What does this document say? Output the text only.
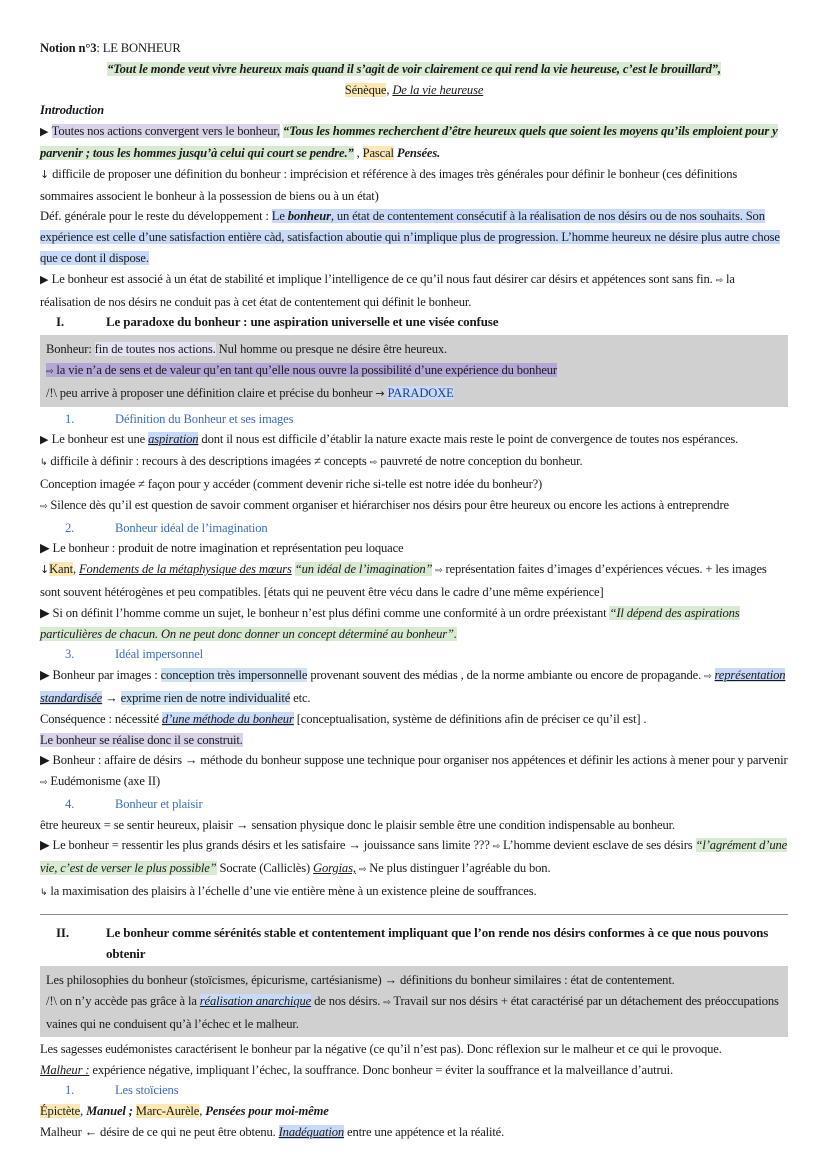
Notion n°3: LE BONHEUR
“Tout le monde veut vivre heureux mais quand il s’agit de voir clairement ce qui rend la vie heureuse, c’est le brouillard”,
Sénèque, De la vie heureuse
Introduction
▶ Toutes nos actions convergent vers le bonheur, “Tous les hommes recherchent d’être heureux quels que soient les moyens qu’ils emploient pour y parvenir ; tous les hommes jusqu’à celui qui court se pendre.” , Pascal Pensées.
↓ difficile de proposer une définition du bonheur : imprécision et référence à des images très générales pour définir le bonheur (ces définitions sommaires associent le bonheur à la possession de biens ou à un état)
Déf. générale pour le reste du développement : Le bonheur, un état de contentement consécutif à la réalisation de nos désirs ou de nos souhaits. Son expérience est celle d’une satisfaction entière càd, satisfaction aboutie qui n’implique plus de progression. L’homme heureux ne désire plus autre chose que ce dont il dispose.
▶ Le bonheur est associé à un état de stabilité et implique l’intelligence de ce qu’il nous faut désirer car désirs et appétences sont sans fin. ⇨ la réalisation de nos désirs ne conduit pas à cet état de contentement qui définit le bonheur.
I.	Le paradoxe du bonheur : une aspiration universelle et une visée confuse
Bonheur: fin de toutes nos actions. Nul homme ou presque ne désire être heureux.
⇨ la vie n’a de sens et de valeur qu’en tant qu’elle nous ouvre la possibilité d’une expérience du bonheur
/!\ peu arrive à proposer une définition claire et précise du bonheur → PARADOXE
1.	Définition du Bonheur et ses images
▶ Le bonheur est une aspiration dont il nous est difficile d’établir la nature exacte mais reste le point de convergence de toutes nos espérances.
↳ difficile à définir : recours à des descriptions imagées ≠ concepts ⇨ pauvreté de notre conception du bonheur.
Conception imagée ≠ façon pour y accéder (comment devenir riche si-telle est notre idée du bonheur?)
⇨ Silence dès qu’il est question de savoir comment organiser et hiérarchiser nos désirs pour être heureux ou encore les actions à entreprendre
2.	Bonheur idéal de l’imagination
▶ Le bonheur : produit de notre imagination et représentation peu loquace
↓Kant, Fondements de la métaphysique des mœurs “un idéal de l’imagination” ⇨ représentation faites d’images d’expériences vécues. + les images sont souvent hétérogènes et peu compatibles. [états qui ne peuvent être vécu dans le cadre d’une même expérience]
▶ Si on définit l’homme comme un sujet, le bonheur n’est plus défini comme une conformité à un ordre préexistant “Il dépend des aspirations particulières de chacun. On ne peut donc donner un concept déterminé au bonheur”.
3.	Idéal impersonnel
▶ Bonheur par images : conception très impersonnelle provenant souvent des médias , de la norme ambiante ou encore de propagande. ⇨ représentation standardisée → exprime rien de notre individualité etc.
Conséquence : nécessité d’une méthode du bonheur [conceptualisation, système de définitions afin de préciser ce qu’il est] .
Le bonheur se réalise donc il se construit.
▶ Bonheur : affaire de désirs → méthode du bonheur suppose une technique pour organiser nos appétences et définir les actions à mener pour y parvenir ⇨ Eudémonisme (axe II)
4.	Bonheur et plaisir
être heureux = se sentir heureux, plaisir → sensation physique donc le plaisir semble être une condition indispensable au bonheur.
▶ Le bonheur = ressentir les plus grands désirs et les satisfaire → jouissance sans limite ??? ⇨ L’homme devient esclave de ses désirs “l’agrément d’une vie, c’est de verser le plus possible” Socrate (Calliclès) Gorgias, ⇨ Ne plus distinguer l’agréable du bon.
↳ la maximisation des plaisirs à l’échelle d’une vie entière mène à un existence pleine de souffrances.
II.	Le bonheur comme sérénités stable et contentement impliquant que l’on rende nos désirs conformes à ce que nous pouvons obtenir
Les philosophies du bonheur (stoïcismes, épicurisme, cartésianisme) → définitions du bonheur similaires : état de contentement.
/!\ on n’y accède pas grâce à la réalisation anarchique de nos désirs. ⇨ Travail sur nos désirs + état caractérisé par un détachement des préoccupations vaines qui ne conduisent qu’à l’échec et le malheur.
Les sagesses eudémonistes caractérisent le bonheur par la négative (ce qu’il n’est pas). Donc réflexion sur le malheur et ce qui le provoque.
Malheur : expérience négative, impliquant l’échec, la souffrance. Donc bonheur = éviter la souffrance et la malveillance d’autrui.
1.	Les stoïciens
Épictète, Manuel ; Marc-Aurèle, Pensées pour moi-même
Malheur ← désire de ce qui ne peut être obtenu. Inadéquation entre une appétence et la réalité.
